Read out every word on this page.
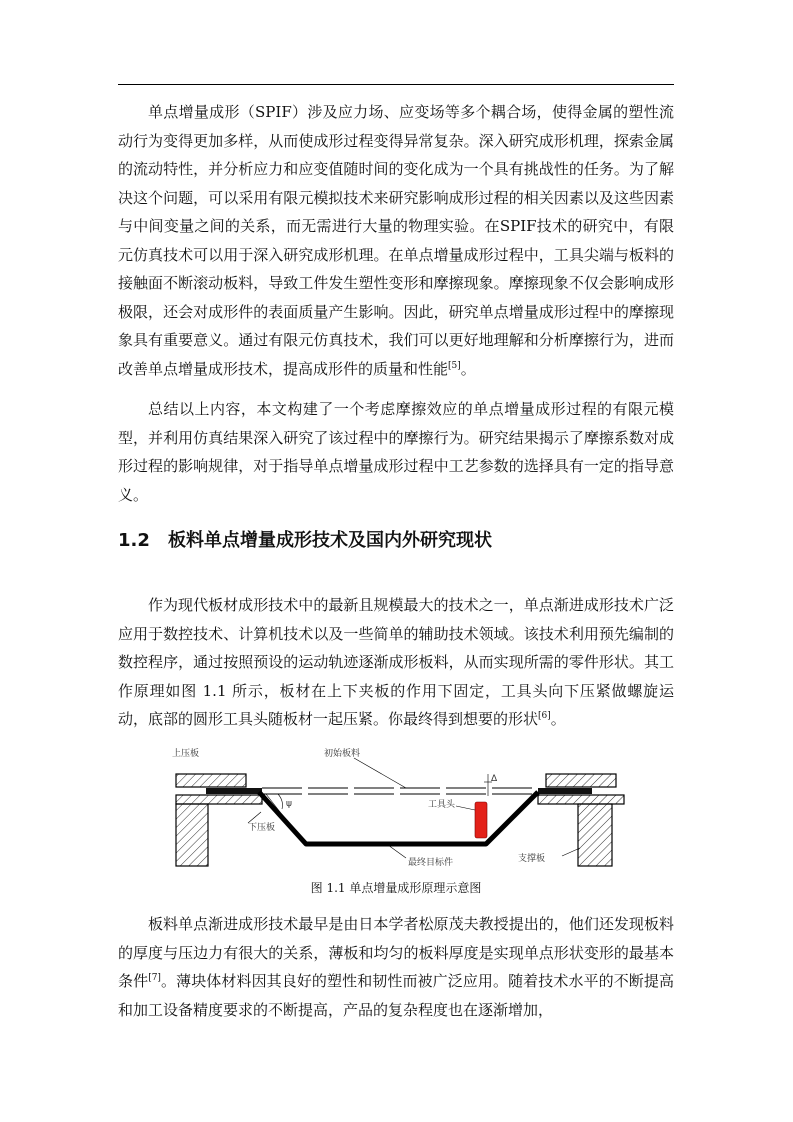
单点增量成形（SPIF）涉及应力场、应变场等多个耦合场，使得金属的塑性流动行为变得更加多样，从而使成形过程变得异常复杂。深入研究成形机理，探索金属的流动特性，并分析应力和应变值随时间的变化成为一个具有挑战性的任务。为了解决这个问题，可以采用有限元模拟技术来研究影响成形过程的相关因素以及这些因素与中间变量之间的关系，而无需进行大量的物理实验。在SPIF技术的研究中，有限元仿真技术可以用于深入研究成形机理。在单点增量成形过程中，工具尖端与板料的接触面不断滚动板料，导致工件发生塑性变形和摩擦现象。摩擦现象不仅会影响成形极限，还会对成形件的表面质量产生影响。因此，研究单点增量成形过程中的摩擦现象具有重要意义。通过有限元仿真技术，我们可以更好地理解和分析摩擦行为，进而改善单点增量成形技术，提高成形件的质量和性能[5]。

总结以上内容，本文构建了一个考虑摩擦效应的单点增量成形过程的有限元模型，并利用仿真结果深入研究了该过程中的摩擦行为。研究结果揭示了摩擦系数对成形过程的影响规律，对于指导单点增量成形过程中工艺参数的选择具有一定的指导意义。

1.2 板料单点增量成形技术及国内外研究现状

作为现代板材成形技术中的最新且规模最大的技术之一，单点渐进成形技术广泛应用于数控技术、计算机技术以及一些简单的辅助技术领域。该技术利用预先编制的数控程序，通过按照预设的运动轨迹逐渐成形板料，从而实现所需的零件形状。其工作原理如图 1.1 所示，板材在上下夹板的作用下固定，工具头向下压紧做螺旋运动，底部的圆形工具头随板材一起压紧。你最终得到想要的形状[6]。

ψ
Δ
上压板	初始板料
工具头
下压板
最终目标件	支撑板

图 1.1 单点增量成形原理示意图

板料单点渐进成形技术最早是由日本学者松原茂夫教授提出的，他们还发现板料的厚度与压边力有很大的关系，薄板和均匀的板料厚度是实现单点形状变形的最基本条件[7]。薄块体材料因其良好的塑性和韧性而被广泛应用。随着技术水平的不断提高和加工设备精度要求的不断提高，产品的复杂程度也在逐渐增加，
